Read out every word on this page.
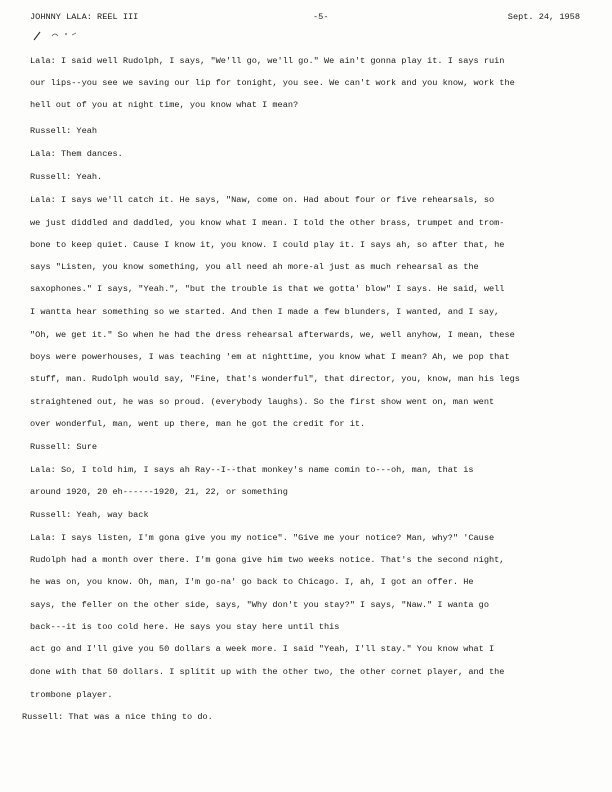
JOHNNY LALA: REEL III	-5-	Sept. 24, 1958
Lala: I said well Rudolph, I says, "We'll go, we'll go." We ain't gonna play it. I says ruin
our lips--you see we saving our lip for tonight, you see. We can't work and you know, work the
hell out of you at night time, you know what I mean?
Russell: Yeah
Lala: Them dances.
Russell: Yeah.
Lala: I says we'll catch it. He says, "Naw, come on. Had about four or five rehearsals, so
we just diddled and daddled, you know what I mean. I told the other brass, trumpet and trom-
bone to keep quiet. Cause I know it, you know. I could play it. I says ah, so after that, he
says "Listen, you know something, you all need ah more-al just as much rehearsal as the
saxophones." I says, "Yeah.", "but the trouble is that we gotta' blow" I says. He said, well
I wantta hear something so we started. And then I made a few blunders, I wanted, and I say,
"Oh, we get it." So when he had the dress rehearsal afterwards, we, well anyhow, I mean, these
boys were powerhouses, I was teaching 'em at nighttime, you know what I mean? Ah, we pop that
stuff, man. Rudolph would say, "Fine, that's wonderful", that director, you, know, man his legs
straightened out, he was so proud. (everybody laughs). So the first show went on, man went
over wonderful, man, went up there, man he got the credit for it.
Russell: Sure
Lala: So, I told him, I says ah Ray--I--that monkey's name comin to---oh, man, that is
around 1920, 20 eh------1920, 21, 22, or something
Russell: Yeah, way back
Lala: I says listen, I'm gona give you my notice". "Give me your notice? Man, why?" 'Cause
Rudolph had a month over there. I'm gona give him two weeks notice. That's the second night,
he was on, you know. Oh, man, I'm go-na' go back to Chicago. I, ah, I got an offer. He
says, the feller on the other side, says, "Why don't you stay?" I says, "Naw." I wanta go
back---it is too cold here. He says you stay here until this
act go and I'll give you 50 dollars a week more. I said "Yeah, I'll stay." You know what I
done with that 50 dollars. I splitit up with the other two, the other cornet player, and the
trombone player.
Russell: That was a nice thing to do.
